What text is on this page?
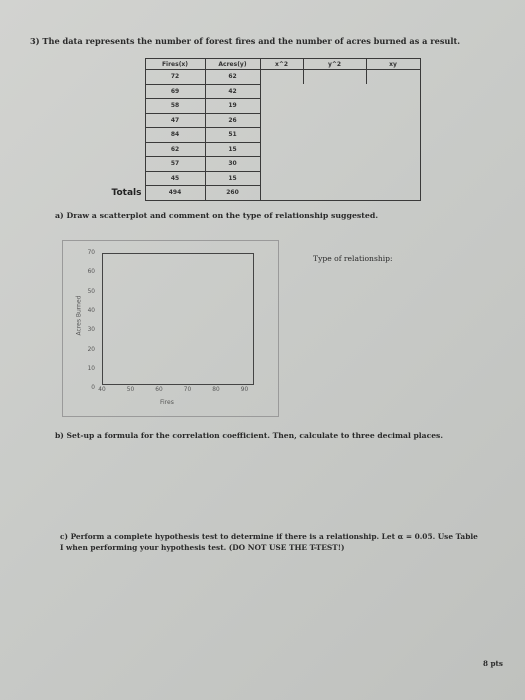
3) The data represents the number of forest fires and the number of acres burned as a result.
	Fires(x)	Acres(y)	x^2	y^2	xy
	72	62			
	69	42			
	58	19			
	47	26			
	84	51			
	62	15			
	57	30			
	45	15			
Totals	494	260			
a) Draw a scatterplot and comment on the type of relationship suggested.
70
60
50
40
30
20
10
0 40	50	60	70	80	90
Acres Burned
Fires
Type of relationship:
b) Set-up a formula for the correlation coefficient. Then, calculate to three decimal places.
c) Perform a complete hypothesis test to determine if there is a relationship. Let α = 0.05. Use Table I when performing your hypothesis test. (DO NOT USE THE T-TEST!)
8 pts
